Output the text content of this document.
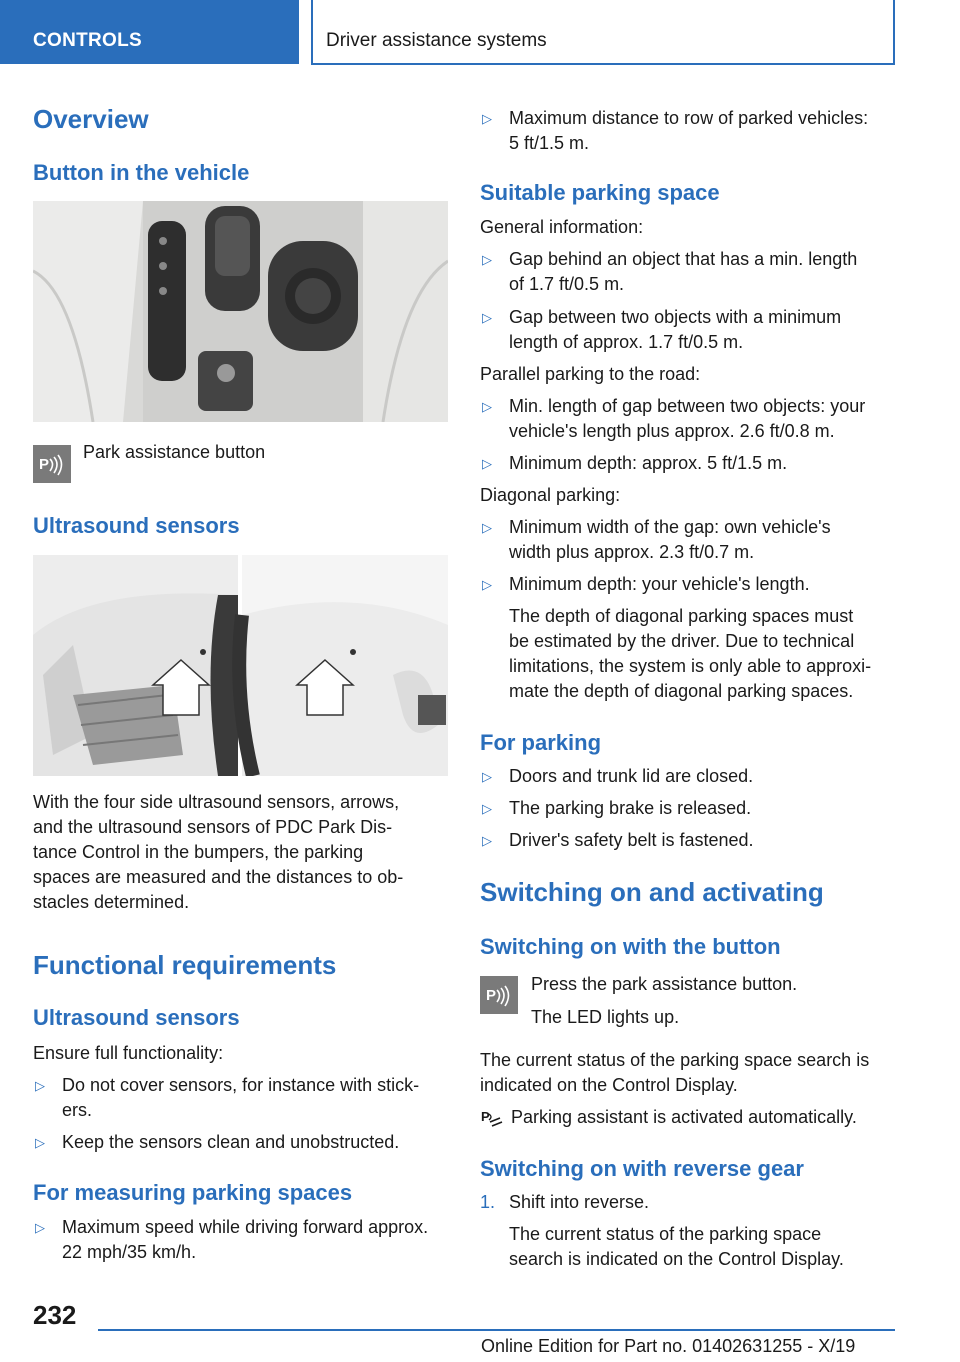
CONTROLS	Driver assistance systems
Overview
Button in the vehicle
P
Park assistance button
Ultrasound sensors
With the four side ultrasound sensors, arrows,
and the ultrasound sensors of PDC Park Dis‐
tance Control in the bumpers, the parking
spaces are measured and the distances to ob‐
stacles determined.
Functional requirements
Ultrasound sensors
Ensure full functionality:
▷ Do not cover sensors, for instance with stick‐
ers.
▷ Keep the sensors clean and unobstructed.
For measuring parking spaces
▷ Maximum speed while driving forward approx.
22 mph/35 km/h.
▷ Maximum distance to row of parked vehicles:
5 ft/1.5 m.
Suitable parking space
General information:
▷ Gap behind an object that has a min. length
of 1.7 ft/0.5 m.
▷ Gap between two objects with a minimum
length of approx. 1.7 ft/0.5 m.
Parallel parking to the road:
▷ Min. length of gap between two objects: your
vehicle's length plus approx. 2.6 ft/0.8 m.
▷ Minimum depth: approx. 5 ft/1.5 m.
Diagonal parking:
▷ Minimum width of the gap: own vehicle's
width plus approx. 2.3 ft/0.7 m.
▷ Minimum depth: your vehicle's length.
The depth of diagonal parking spaces must
be estimated by the driver. Due to technical
limitations, the system is only able to approxi‐
mate the depth of diagonal parking spaces.
For parking
▷ Doors and trunk lid are closed.
▷ The parking brake is released.
▷ Driver's safety belt is fastened.
Switching on and activating
Switching on with the button
P
Press the park assistance button.
The LED lights up.
The current status of the parking space search is
indicated on the Control Display.
P Parking assistant is activated automatically.
Switching on with reverse gear
1. Shift into reverse.
The current status of the parking space
search is indicated on the Control Display.
232
Online Edition for Part no. 01402631255 - X/19
